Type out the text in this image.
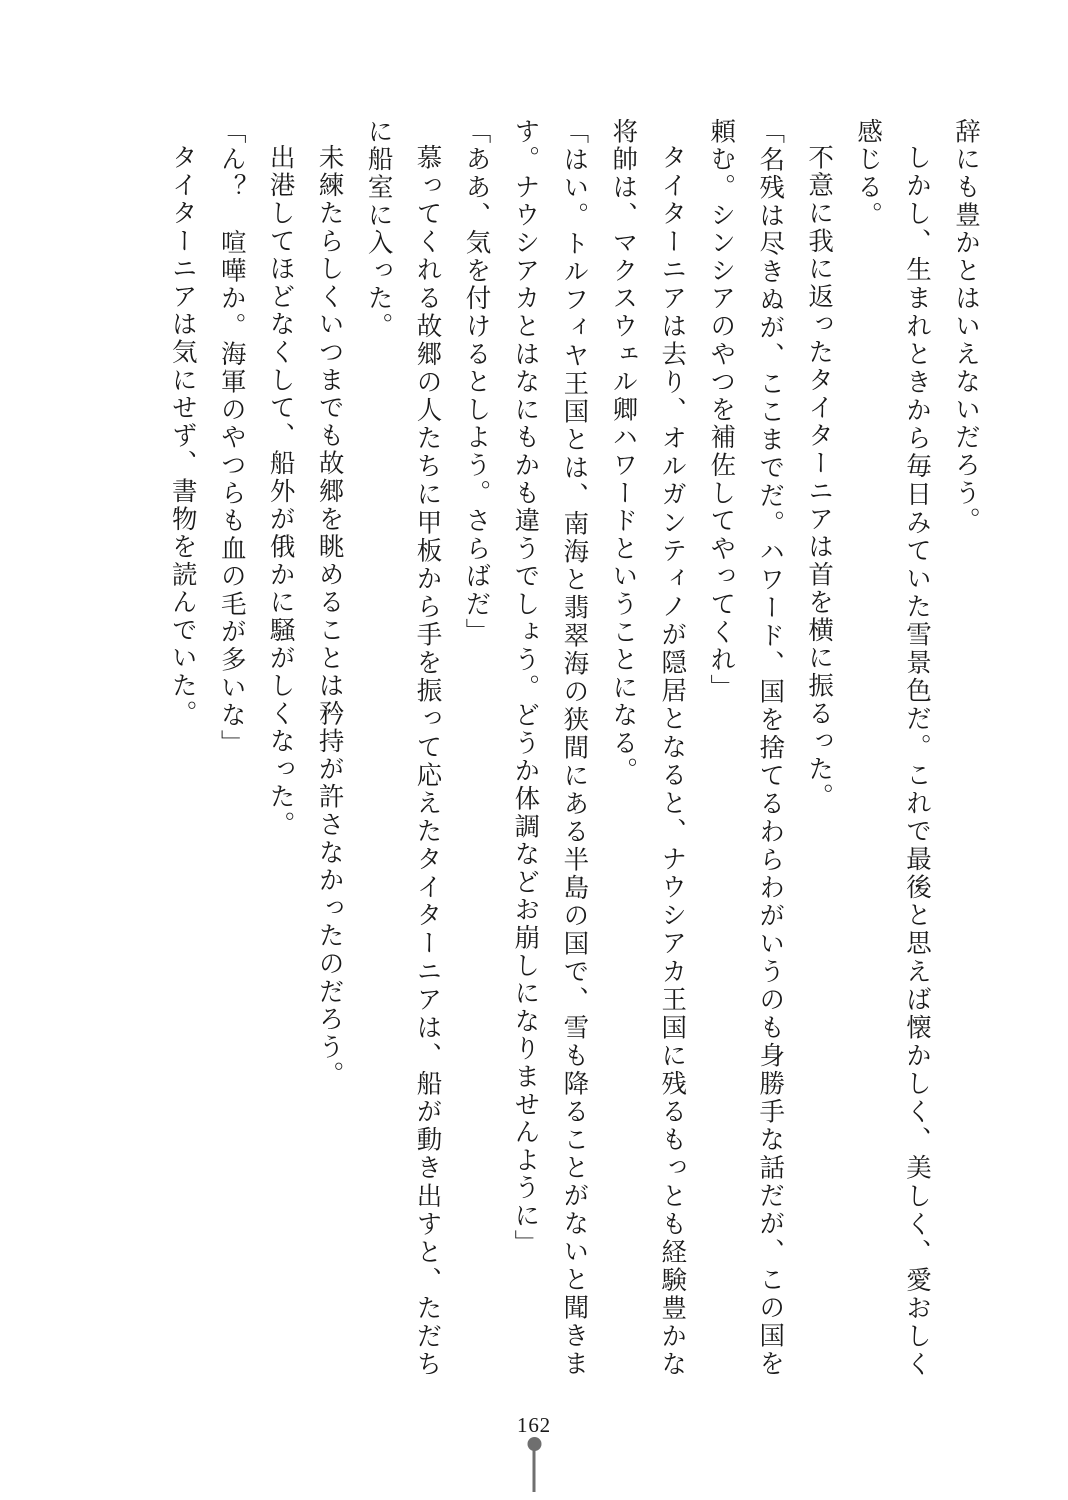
辞にも豊かとはいえないだろう。

しかし、生まれときから毎日みていた雪景色だ。これで最後と思えば懐かしく、美しく、愛おしく感じる。

不意に我に返ったタイターニアは首を横に振るった。

「名残は尽きぬが、ここまでだ。ハワード、国を捨てるわらわがいうのも身勝手な話だが、この国を頼む。シンシアのやつを補佐してやってくれ」

タイターニアは去り、オルガンティノが隠居となると、ナウシアカ王国に残るもっとも経験豊かな将帥は、マクスウェル卿ハワードということになる。

「はい。トルフィヤ王国とは、南海と翡翠海の狭間にある半島の国で、雪も降ることがないと聞きます。ナウシアカとはなにもかも違うでしょう。どうか体調などお崩しになりませんように」

「ああ、気を付けるとしよう。さらばだ」

慕ってくれる故郷の人たちに甲板から手を振って応えたタイターニアは、船が動き出すと、ただちに船室に入った。

未練たらしくいつまでも故郷を眺めることは矜持が許さなかったのだろう。

出港してほどなくして、船外が俄かに騒がしくなった。

「ん？　喧嘩か。海軍のやつらも血の毛が多いな」

タイターニアは気にせず、書物を読んでいた。

162
